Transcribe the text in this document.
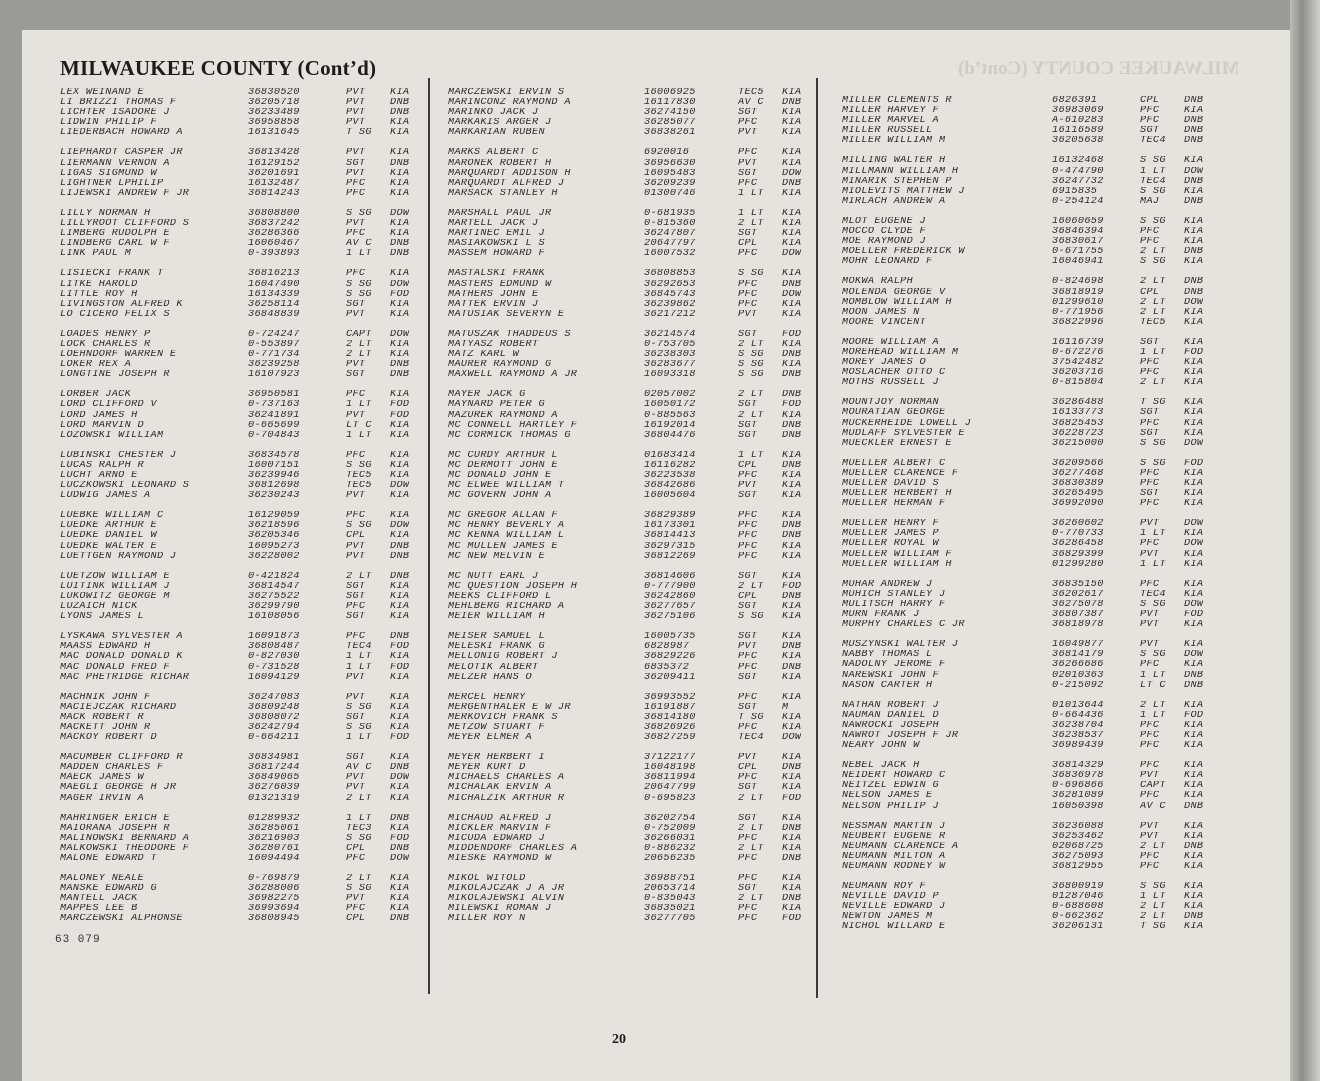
MILWAUKEE COUNTY (Cont’d)
MILWAUKEE COUNTY (Cont’d)
LEX WEINAND E	36830520	PVT	KIA
LI BRIZZI THOMAS F	36205718	PVT	DNB
LICHTER ISADORE J	36233489	PVT	DNB
LIDWIN PHILIP F	36958858	PVT	KIA
LIEDERBACH HOWARD A	16131645	T SG	KIA
LIEPHARDT CASPER JR	36813428	PVT	KIA
LIERMANN VERNON A	16129152	SGT	DNB
LIGAS SIGMUND W	36201691	PVT	KIA
LIGHTNER LPHILIP	16132487	PFC	KIA
LIJEWSKI ANDREW F JR	36814243	PFC	KIA
LILLY NORMAN H	36808800	S SG	DOW
LILLYROOT CLIFFORD S	36837242	PVT	KIA
LIMBERG RUDOLPH E	36286366	PFC	KIA
LINDBERG CARL W F	16060467	AV C	DNB
LINK PAUL M	0-393893	1 LT	DNB
LISIECKI FRANK T	36816213	PFC	KIA
LITKE HAROLD	16047490	S SG	DOW
LITTLE ROY H	16134339	S SG	FOD
LIVINGSTON ALFRED K	36258114	SGT	KIA
LO CICERO FELIX S	36848839	PVT	KIA
LOADES HENRY P	0-724247	CAPT	DOW
LOCK CHARLES R	0-553897	2 LT	KIA
LOEHNDORF WARREN E	0-771734	2 LT	KIA
LOKER REX A	36239258	PVT	DNB
LONGTINE JOSEPH R	16107923	SGT	DNB
LORBER JACK	36950581	PFC	KIA
LORD CLIFFORD V	0-737163	1 LT	FOD
LORD JAMES H	36241891	PVT	FOD
LORD MARVIN D	0-665699	LT C	KIA
LOZOWSKI WILLIAM	0-704843	1 LT	KIA
LUBINSKI CHESTER J	36834578	PFC	KIA
LUCAS RALPH R	16007151	S SG	KIA
LUCHT ARNO E	36239946	TEC5	KIA
LUCZKOWSKI LEONARD S	36812698	TEC5	DOW
LUDWIG JAMES A	36230243	PVT	KIA
LUEBKE WILLIAM C	16129059	PFC	KIA
LUEDKE ARTHUR E	36218596	S SG	DOW
LUEDKE DANIEL W	36205346	CPL	KIA
LUEDKE WALTER E	16095273	PVT	DNB
LUETTGEN RAYMOND J	36228002	PVT	DNB
LUETZOW WILLIAM E	0-421824	2 LT	DNB
LUITINK WILLIAM J	36814547	SGT	KIA
LUKOWITZ GEORGE M	36275522	SGT	KIA
LUZAICH NICK	36299790	PFC	KIA
LYONS JAMES L	16108056	SGT	KIA
LYSKAWA SYLVESTER A	16091873	PFC	DNB
MAASS EDWARD H	36808487	TEC4	FOD
MAC DONALD DONALD K	0-827030	1 LT	KIA
MAC DONALD FRED F	0-731528	1 LT	FOD
MAC PHETRIDGE RICHAR	16094129	PVT	KIA
MACHNIK JOHN F	36247083	PVT	KIA
MACIEJCZAK RICHARD	36809248	S SG	KIA
MACK ROBERT R	36808072	SGT	KIA
MACKETT JOHN R	36242794	S SG	KIA
MACKOY ROBERT D	0-664211	1 LT	FOD
MACUMBER CLIFFORD R	36834981	SGT	KIA
MADDEN CHARLES F	36817244	AV C	DNB
MAECK JAMES W	36849065	PVT	DOW
MAEGLI GEORGE H JR	36276039	PVT	KIA
MAGER IRVIN A	01321319	2 LT	KIA
MAHRINGER ERICH E	01289932	1 LT	DNB
MAIORANA JOSEPH R	36285061	TEC3	KIA
MALINOWSKI BERNARD A	36216903	S SG	FOD
MALKOWSKI THEODORE F	36280761	CPL	DNB
MALONE EDWARD T	16094494	PFC	DOW
MALONEY NEALE	0-769879	2 LT	KIA
MANSKE EDWARD G	36288006	S SG	KIA
MANTELL JACK	36982275	PVT	KIA
MAPPES LEE B	36993694	PFC	KIA
MARCZEWSKI ALPHONSE	36808945	CPL	DNB
MARCZEWSKI ERVIN S	16006925	TEC5	KIA
MARINCONZ RAYMOND A	16117830	AV C	DNB
MARINKO JACK J	36274150	SGT	KIA
MARKAKIS ARGER J	36285077	PFC	KIA
MARKARIAN RUBEN	36838261	PVT	KIA
MARKS ALBERT C	6920016	PFC	KIA
MARONEK ROBERT H	36956630	PVT	KIA
MARQUARDT ADDISON H	16095483	SGT	DOW
MARQUARDT ALFRED J	36209239	PFC	DNB
MARSACK STANLEY H	01300746	1 LT	KIA
MARSHALL PAUL JR	0-681935	1 LT	KIA
MARTELL JACK J	0-815360	2 LT	KIA
MARTINEC EMIL J	36247807	SGT	KIA
MASIAKOWSKI L S	20647797	CPL	KIA
MASSEM HOWARD F	16007532	PFC	DOW
MASTALSKI FRANK	36808853	S SG	KIA
MASTERS EDMUND W	36292653	PFC	DNB
MATHERS JOHN E	36845743	PFC	DOW
MATTEK ERVIN J	36239862	PFC	KIA
MATUSIAK SEVERYN E	36217212	PVT	KIA
MATUSZAK THADDEUS S	36214574	SGT	FOD
MATYASZ ROBERT	0-753705	2 LT	KIA
MATZ KARL W	36238303	S SG	DNB
MAURER RAYMOND G	36283677	S SG	KIA
MAXWELL RAYMOND A JR	16093318	S SG	DNB
MAYER JACK G	02057002	2 LT	DNB
MAYNARD PETER G	16050172	SGT	FOD
MAZUREK RAYMOND A	0-885563	2 LT	KIA
MC CONNELL HARTLEY F	16192014	SGT	DNB
MC CORMICK THOMAS G	36804476	SGT	DNB
MC CURDY ARTHUR L	01683414	1 LT	KIA
MC DERMOTT JOHN E	16116282	CPL	DNB
MC DONALD JOHN E	36223538	PFC	KIA
MC ELWEE WILLIAM T	36842686	PVT	KIA
MC GOVERN JOHN A	16005604	SGT	KIA
MC GREGOR ALLAN F	36829389	PFC	KIA
MC HENRY BEVERLY A	16173301	PFC	DNB
MC KENNA WILLIAM L	36814413	PFC	DNB
MC MULLEN JAMES E	36297315	PFC	KIA
MC NEW MELVIN E	36812269	PFC	KIA
MC NUTT EARL J	36814606	SGT	KIA
MC QUESTION JOSEPH H	0-777900	2 LT	FOD
MEEKS CLIFFORD L	36242860	CPL	DNB
MEHLBERG RICHARD A	36277657	SGT	KIA
MEIER WILLIAM H	36275106	S SG	KIA
MEISER SAMUEL L	16005735	SGT	KIA
MELESKI FRANK G	6828987	PVT	DNB
MELLONIG ROBERT J	36829226	PFC	KIA
MELOTIK ALBERT	6835372	PFC	DNB
MELZER HANS O	36209411	SGT	KIA
MERCEL HENRY	36993552	PFC	KIA
MERGENTHALER E W JR	16191887	SGT	M
MERKOVICH FRANK S	36814180	T SG	KIA
METZOW STUART F	36826926	PFC	KIA
MEYER ELMER A	36827259	TEC4	DOW
MEYER HERBERT I	37122177	PVT	KIA
MEYER KURT D	16048198	CPL	DNB
MICHAELS CHARLES A	36811994	PFC	KIA
MICHALAK ERVIN A	20647799	SGT	KIA
MICHALZIK ARTHUR R	0-695823	2 LT	FOD
MICHAUD ALFRED J	36202754	SGT	KIA
MICKLER MARVIN F	0-752009	2 LT	DNB
MICUDA EDWARD J	36266031	PFC	KIA
MIDDENDORF CHARLES A	0-886232	2 LT	KIA
MIESKE RAYMOND W	20656235	PFC	DNB
MIKOL WITOLD	36988751	PFC	KIA
MIKOLAJCZAK J A JR	20653714	SGT	KIA
MIKOLAJEWSKI ALVIN	0-835043	2 LT	DNB
MILEWSKI ROMAN J	36835021	PFC	KIA
MILLER ROY N	36277705	PFC	FOD
MILLER CLEMENTS R	6826391	CPL	DNB
MILLER HARVEY F	36983069	PFC	KIA
MILLER MARVEL A	A-610283	PFC	DNB
MILLER RUSSELL	16116589	SGT	DNB
MILLER WILLIAM M	36205638	TEC4	DNB
MILLING WALTER H	16132468	S SG	KIA
MILLMANN WILLIAM H	0-474790	1 LT	DOW
MINARIK STEPHEN P	36247732	TEC4	DNB
MIOLEVITS MATTHEW J	6915835	S SG	KIA
MIRLACH ANDREW A	0-254124	MAJ	DNB
MLOT EUGENE J	16060659	S SG	KIA
MOCCO CLYDE F	36846394	PFC	KIA
MOE RAYMOND J	36830617	PFC	KIA
MOELLER FREDERICK W	0-671755	2 LT	DNB
MOHR LEONARD F	16046941	S SG	KIA
MOKWA RALPH	0-824698	2 LT	DNB
MOLENDA GEORGE V	36818919	CPL	DNB
MOMBLOW WILLIAM H	01299610	2 LT	DOW
MOON JAMES N	0-771956	2 LT	KIA
MOORE VINCENT	36822996	TEC5	KIA
MOORE WILLIAM A	16116739	SGT	KIA
MOREHEAD WILLIAM M	0-672276	1 LT	FOD
MOREY JAMES O	37542482	PFC	KIA
MOSLACHER OTTO C	36203716	PFC	KIA
MOTHS RUSSELL J	0-815804	2 LT	KIA
MOUNTJOY NORMAN	36286488	T SG	KIA
MOURATIAN GEORGE	16133773	SGT	KIA
MUCKERHEIDE LOWELL J	36825453	PFC	KIA
MUDLAFF SYLVESTER E	36228723	SGT	KIA
MUECKLER ERNEST E	36215000	S SG	DOW
MUELLER ALBERT C	36209566	S SG	FOD
MUELLER CLARENCE F	36277468	PFC	KIA
MUELLER DAVID S	36830389	PFC	KIA
MUELLER HERBERT H	36265495	SGT	KIA
MUELLER HERMAN F	36992090	PFC	KIA
MUELLER HENRY F	36260602	PVT	DOW
MUELLER JAMES P	0-770733	1 LT	KIA
MUELLER ROYAL W	36286458	PFC	DOW
MUELLER WILLIAM F	36829399	PVT	KIA
MUELLER WILLIAM H	01299280	1 LT	KIA
MUHAR ANDREW J	36835150	PFC	KIA
MUHICH STANLEY J	36202617	TEC4	KIA
MULITSCH HARRY F	36275078	S SG	DOW
MURN FRANK J	36807387	PVT	FOD
MURPHY CHARLES C JR	36818978	PVT	KIA
MUSZYNSKI WALTER J	16049877	PVT	KIA
NABBY THOMAS L	36814179	S SG	DOW
NADOLNY JEROME F	36266686	PFC	KIA
NAREWSKI JOHN F	02010363	1 LT	DNB
NASON CARTER H	0-215092	LT C	DNB
NATHAN ROBERT J	01013644	2 LT	KIA
NAUMAN DANIEL D	0-664436	1 LT	FOD
NAWROCKI JOSEPH	36238704	PFC	KIA
NAWROT JOSEPH F JR	36238537	PFC	KIA
NEARY JOHN W	36989439	PFC	KIA
NEBEL JACK H	36814329	PFC	KIA
NEIDERT HOWARD C	36836978	PVT	KIA
NEITZEL EDWIN G	0-696866	CAPT	KIA
NELSON JAMES E	36281089	PFC	KIA
NELSON PHILIP J	16050398	AV C	DNB
NESSMAN MARTIN J	36236088	PVT	KIA
NEUBERT EUGENE R	36253462	PVT	KIA
NEUMANN CLARENCE A	02068725	2 LT	DNB
NEUMANN MILTON A	36275093	PFC	KIA
NEUMANN RODNEY W	36812955	PFC	KIA
NEUMANN ROY F	36800919	S SG	KIA
NEVILLE DAVID P	01287046	1 LT	KIA
NEVILLE EDWARD J	0-688608	2 LT	KIA
NEWTON JAMES M	0-662362	2 LT	DNB
NICHOL WILLARD E	36206131	T SG	KIA
63 079
20
